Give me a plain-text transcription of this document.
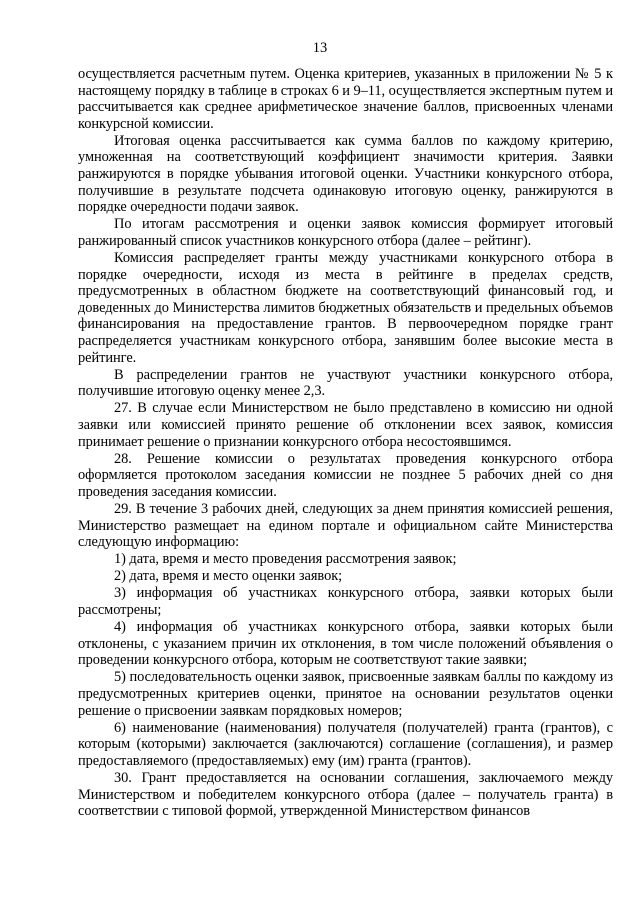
13

осуществляется расчетным путем. Оценка критериев, указанных в приложении № 5 к настоящему порядку в таблице в строках 6 и 9–11, осуществляется экспертным путем и рассчитывается как среднее арифметическое значение баллов, присвоенных членами конкурсной комиссии.

Итоговая оценка рассчитывается как сумма баллов по каждому критерию, умноженная на соответствующий коэффициент значимости критерия. Заявки ранжируются в порядке убывания итоговой оценки. Участники конкурсного отбора, получившие в результате подсчета одинаковую итоговую оценку, ранжируются в порядке очередности подачи заявок.

По итогам рассмотрения и оценки заявок комиссия формирует итоговый ранжированный список участников конкурсного отбора (далее – рейтинг).

Комиссия распределяет гранты между участниками конкурсного отбора в порядке очередности, исходя из места в рейтинге в пределах средств, предусмотренных в областном бюджете на соответствующий финансовый год, и доведенных до Министерства лимитов бюджетных обязательств и предельных объемов финансирования на предоставление грантов. В первоочередном порядке грант распределяется участникам конкурсного отбора, занявшим более высокие места в рейтинге.

В распределении грантов не участвуют участники конкурсного отбора, получившие итоговую оценку менее 2,3.

27. В случае если Министерством не было представлено в комиссию ни одной заявки или комиссией принято решение об отклонении всех заявок, комиссия принимает решение о признании конкурсного отбора несостоявшимся.

28. Решение комиссии о результатах проведения конкурсного отбора оформляется протоколом заседания комиссии не позднее 5 рабочих дней со дня проведения заседания комиссии.

29. В течение 3 рабочих дней, следующих за днем принятия комиссией решения, Министерство размещает на едином портале и официальном сайте Министерства следующую информацию:

1) дата, время и место проведения рассмотрения заявок;

2) дата, время и место оценки заявок;

3) информация об участниках конкурсного отбора, заявки которых были рассмотрены;

4) информация об участниках конкурсного отбора, заявки которых были отклонены, с указанием причин их отклонения, в том числе положений объявления о проведении конкурсного отбора, которым не соответствуют такие заявки;

5) последовательность оценки заявок, присвоенные заявкам баллы по каждому из предусмотренных критериев оценки, принятое на основании результатов оценки решение о присвоении заявкам порядковых номеров;

6) наименование (наименования) получателя (получателей) гранта (грантов), с которым (которыми) заключается (заключаются) соглашение (соглашения), и размер предоставляемого (предоставляемых) ему (им) гранта (грантов).

30. Грант предоставляется на основании соглашения, заключаемого между Министерством и победителем конкурсного отбора (далее – получатель гранта) в соответствии с типовой формой, утвержденной Министерством финансов
